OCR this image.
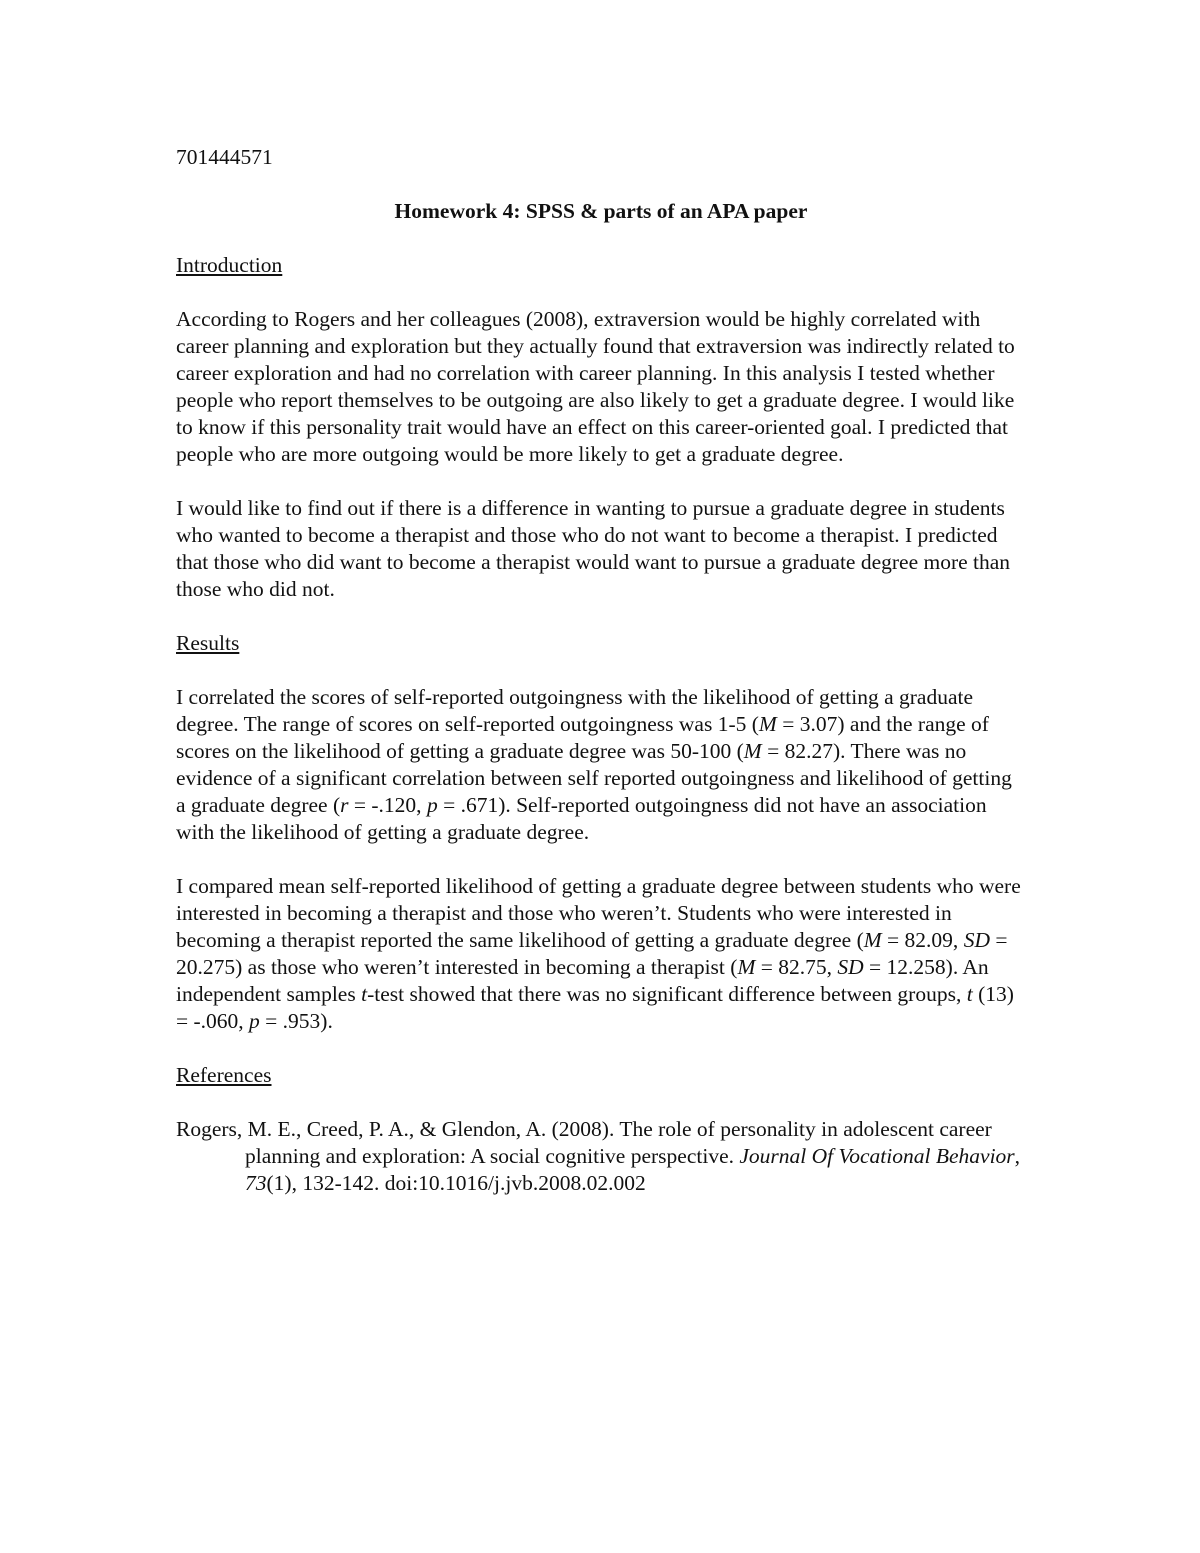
701444571

Homework 4: SPSS & parts of an APA paper

Introduction

According to Rogers and her colleagues (2008), extraversion would be highly correlated with career planning and exploration but they actually found that extraversion was indirectly related to career exploration and had no correlation with career planning. In this analysis I tested whether people who report themselves to be outgoing are also likely to get a graduate degree. I would like to know if this personality trait would have an effect on this career-oriented goal. I predicted that people who are more outgoing would be more likely to get a graduate degree.

I would like to find out if there is a difference in wanting to pursue a graduate degree in students who wanted to become a therapist and those who do not want to become a therapist. I predicted that those who did want to become a therapist would want to pursue a graduate degree more than those who did not.

Results

I correlated the scores of self-reported outgoingness with the likelihood of getting a graduate degree. The range of scores on self-reported outgoingness was 1-5 (M = 3.07) and the range of scores on the likelihood of getting a graduate degree was 50-100 (M = 82.27). There was no evidence of a significant correlation between self reported outgoingness and likelihood of getting a graduate degree (r = -.120, p = .671). Self-reported outgoingness did not have an association with the likelihood of getting a graduate degree.

I compared mean self-reported likelihood of getting a graduate degree between students who were interested in becoming a therapist and those who weren’t. Students who were interested in becoming a therapist reported the same likelihood of getting a graduate degree (M = 82.09, SD = 20.275) as those who weren’t interested in becoming a therapist (M = 82.75, SD = 12.258). An independent samples t-test showed that there was no significant difference between groups, t (13) = -.060, p = .953).

References

Rogers, M. E., Creed, P. A., & Glendon, A. (2008). The role of personality in adolescent career planning and exploration: A social cognitive perspective. Journal Of Vocational Behavior, 73(1), 132-142. doi:10.1016/j.jvb.2008.02.002
